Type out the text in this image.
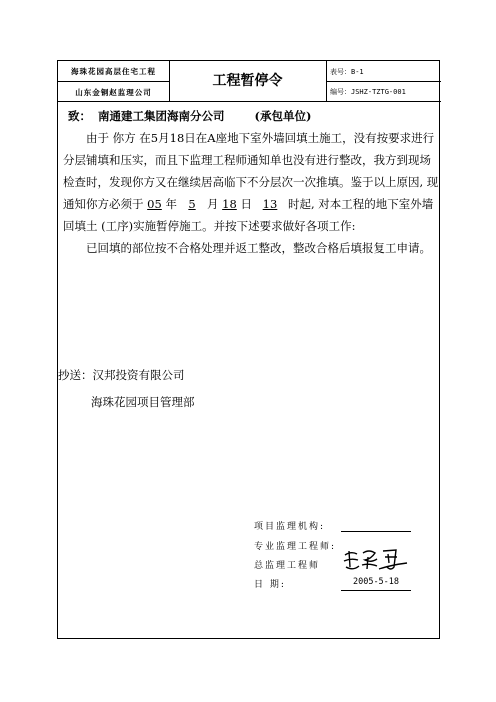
海珠花园高层住宅工程
山东金铜赵监理公司
工程暂停令
表号：B-1
编号：JSHZ-TZTG-001
致： 南通建工集团海南分公司	(承包单位)
由于 你方 在5月18日在A座地下室外墙回填土施工，没有按要求进行分层铺填和压实，而且下监理工程师通知单也没有进行整改，我方到现场检查时，发现你方又在继续居高临下不分层次一次推填。鉴于以上原因, 现通知你方必须于 05 年 5 月 18 日 13 时起, 对本工程的地下室外墙回填土 (工序)实施暂停施工。并按下述要求做好各项工作:
已回填的部位按不合格处理并返工整改，整改合格后填报复工申请。
抄送：汉邦投资有限公司
海珠花园项目管理部
项目监理机构:
专业监理工程师:
总监理工程师
日 期:	2005-5-18
